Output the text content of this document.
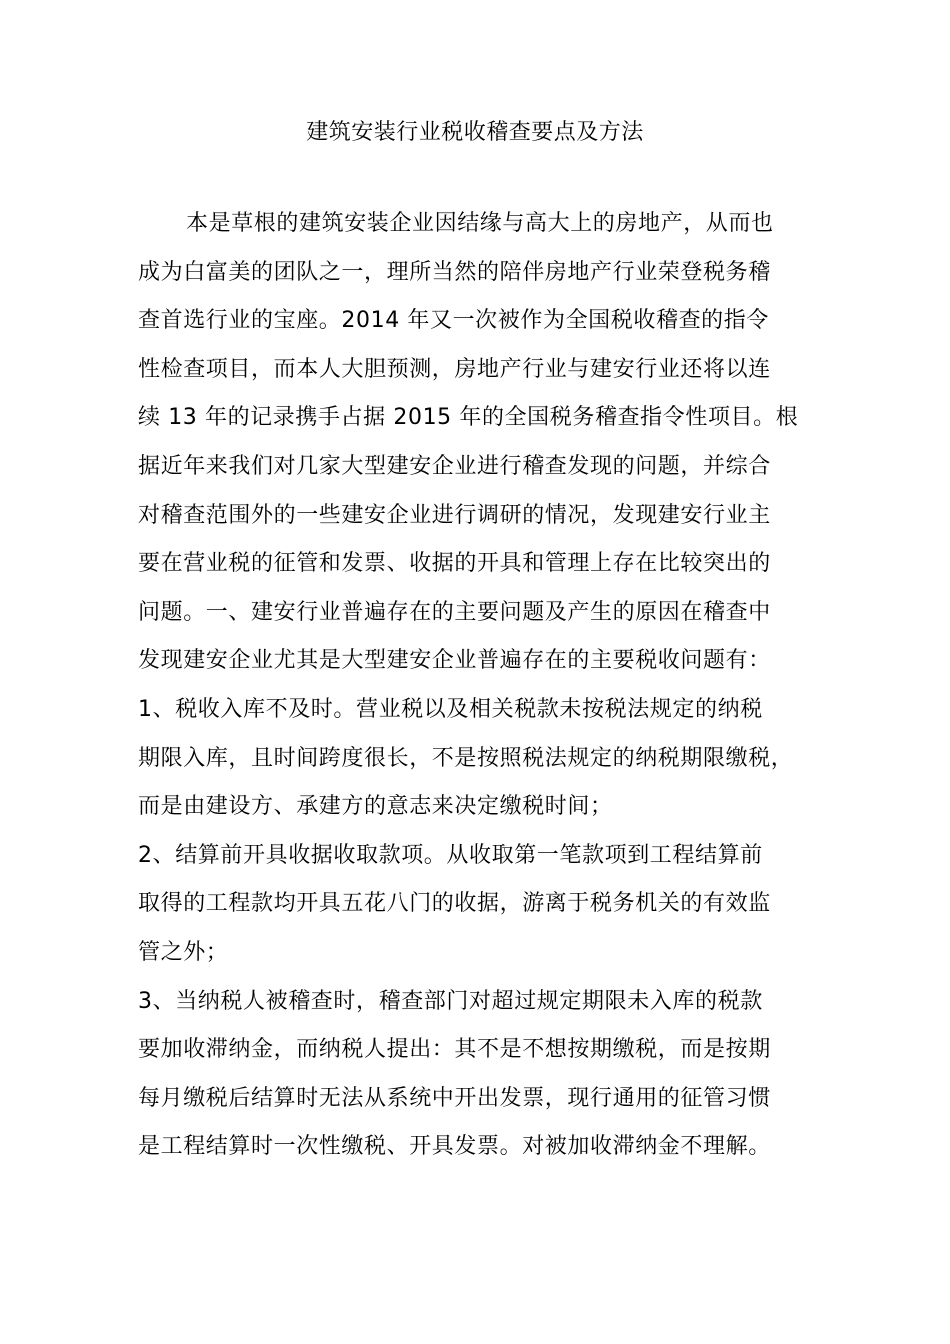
建筑安装行业税收稽查要点及方法
本是草根的建筑安装企业因结缘与高大上的房地产，从而也
成为白富美的团队之一，理所当然的陪伴房地产行业荣登税务稽
查首选行业的宝座。2014 年又一次被作为全国税收稽查的指令
性检查项目，而本人大胆预测，房地产行业与建安行业还将以连
续 13 年的记录携手占据 2015 年的全国税务稽查指令性项目。根
据近年来我们对几家大型建安企业进行稽查发现的问题，并综合
对稽查范围外的一些建安企业进行调研的情况，发现建安行业主
要在营业税的征管和发票、收据的开具和管理上存在比较突出的
问题。一、建安行业普遍存在的主要问题及产生的原因在稽查中
发现建安企业尤其是大型建安企业普遍存在的主要税收问题有：
1、税收入库不及时。营业税以及相关税款未按税法规定的纳税
期限入库，且时间跨度很长，不是按照税法规定的纳税期限缴税，
而是由建设方、承建方的意志来决定缴税时间；
2、结算前开具收据收取款项。从收取第一笔款项到工程结算前
取得的工程款均开具五花八门的收据，游离于税务机关的有效监
管之外；
3、当纳税人被稽查时，稽查部门对超过规定期限未入库的税款
要加收滞纳金，而纳税人提出：其不是不想按期缴税，而是按期
每月缴税后结算时无法从系统中开出发票，现行通用的征管习惯
是工程结算时一次性缴税、开具发票。对被加收滞纳金不理解。
